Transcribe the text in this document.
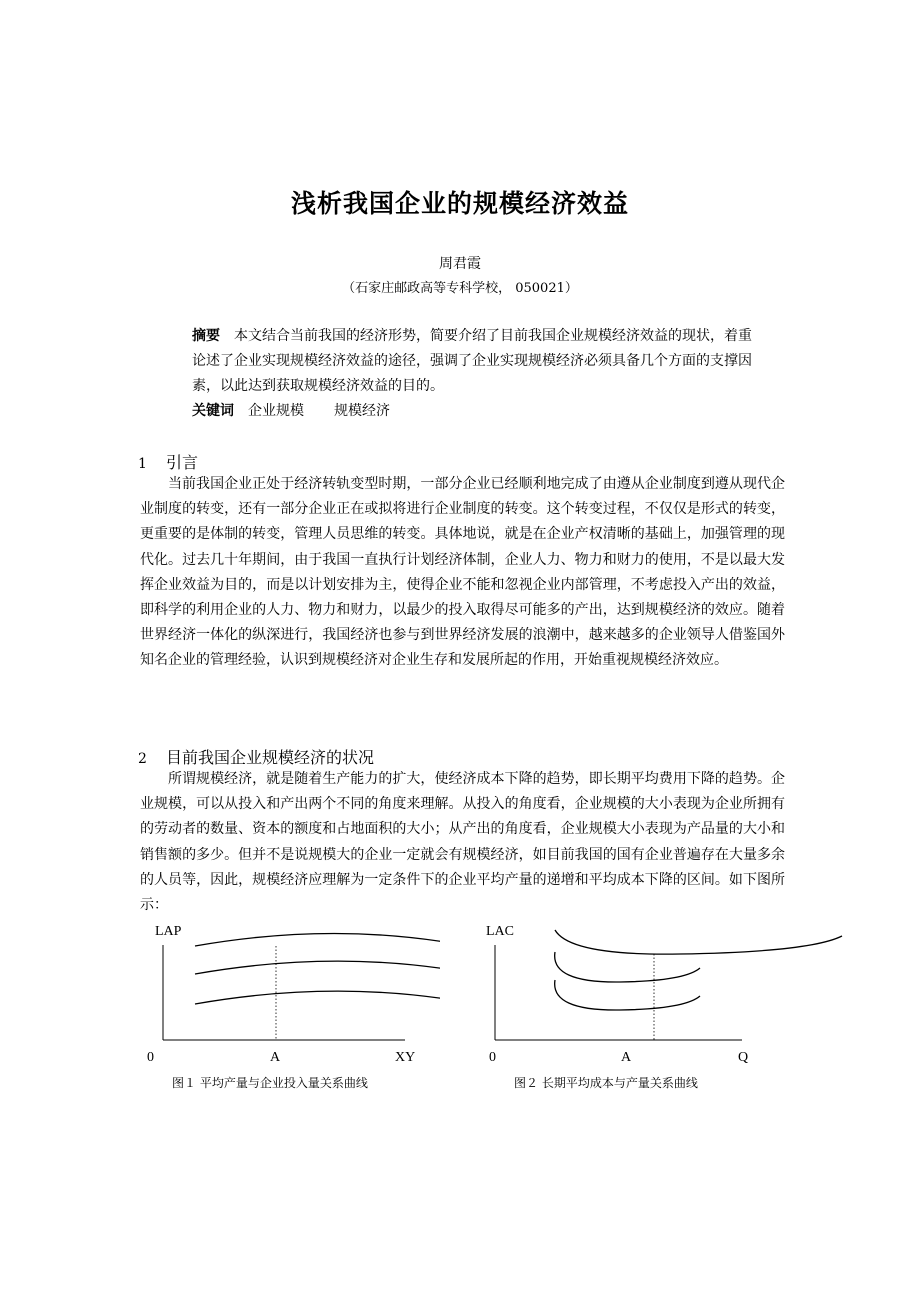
浅析我国企业的规模经济效益
周君霞
（石家庄邮政高等专科学校， 050021）
摘要 本文结合当前我国的经济形势，简要介绍了目前我国企业规模经济效益的现状，着重论述了企业实现规模经济效益的途径，强调了企业实现规模经济必须具备几个方面的支撑因素，以此达到获取规模经济效益的目的。
关键词 企业规模 规模经济
1 引言
当前我国企业正处于经济转轨变型时期，一部分企业已经顺利地完成了由遵从企业制度到遵从现代企业制度的转变，还有一部分企业正在或拟将进行企业制度的转变。这个转变过程，不仅仅是形式的转变，更重要的是体制的转变，管理人员思维的转变。具体地说，就是在企业产权清晰的基础上，加强管理的现代化。过去几十年期间，由于我国一直执行计划经济体制，企业人力、物力和财力的使用，不是以最大发挥企业效益为目的，而是以计划安排为主，使得企业不能和忽视企业内部管理，不考虑投入产出的效益，即科学的利用企业的人力、物力和财力，以最少的投入取得尽可能多的产出，达到规模经济的效应。随着世界经济一体化的纵深进行，我国经济也参与到世界经济发展的浪潮中，越来越多的企业领导人借鉴国外知名企业的管理经验，认识到规模经济对企业生存和发展所起的作用，开始重视规模经济效应。
2 目前我国企业规模经济的状况
所谓规模经济，就是随着生产能力的扩大，使经济成本下降的趋势，即长期平均费用下降的趋势。企业规模，可以从投入和产出两个不同的角度来理解。从投入的角度看，企业规模的大小表现为企业所拥有的劳动者的数量、资本的额度和占地面积的大小；从产出的角度看，企业规模大小表现为产品量的大小和销售额的多少。但并不是说规模大的企业一定就会有规模经济，如目前我国的国有企业普遍存在大量多余的人员等，因此，规模经济应理解为一定条件下的企业平均产量的递增和平均成本下降的区间。如下图所示：
LAP
0	A	XY
LAC
0	A	Q
图１ 平均产量与企业投入量关系曲线	图２ 长期平均成本与产量关系曲线
